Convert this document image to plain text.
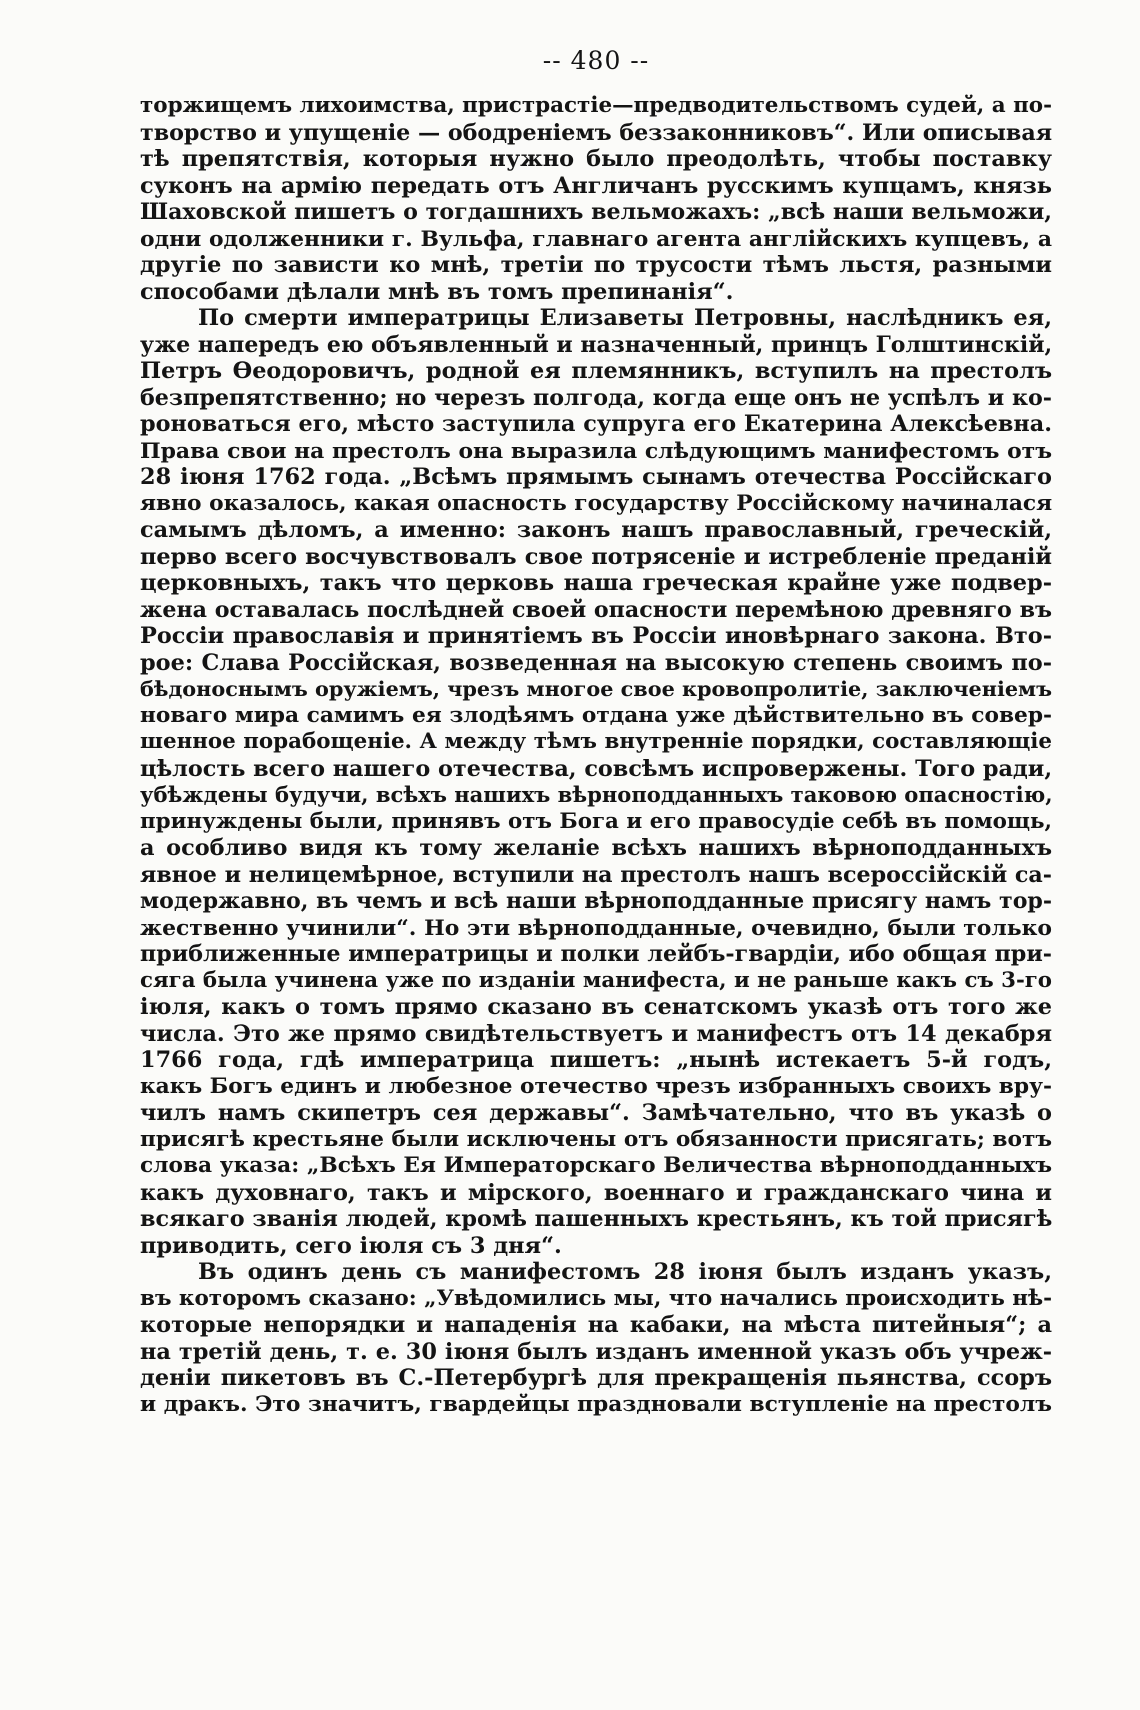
-- 480 --

торжищемъ лихоимства, пристрастіе—предводительствомъ судей, а по-
творство и упущеніе — ободреніемъ беззаконниковъ“. Или описывая
тѣ препятствія, которыя нужно было преодолѣть, чтобы поставку
суконъ на армію передать отъ Англичанъ русскимъ купцамъ, князь
Шаховской пишетъ о тогдашнихъ вельможахъ: „всѣ наши вельможи,
одни одолженники г. Вульфа, главнаго агента англійскихъ купцевъ, а
другіе по зависти ко мнѣ, третіи по трусости тѣмъ льстя, разными
способами дѣлали мнѣ въ томъ препинанія“.

По смерти императрицы Елизаветы Петровны, наслѣдникъ ея,
уже напередъ ею объявленный и назначенный, принцъ Голштинскій,
Петръ Ѳеодоровичъ, родной ея племянникъ, вступилъ на престолъ
безпрепятственно; но черезъ полгода, когда еще онъ не успѣлъ и ко-
роноваться его, мѣсто заступила супруга его Екатерина Алексѣевна.
Права свои на престолъ она выразила слѣдующимъ манифестомъ отъ
28 іюня 1762 года. „Всѣмъ прямымъ сынамъ отечества Россійскаго
явно оказалось, какая опасность государству Россійскому начиналася
самымъ дѣломъ, а именно: законъ нашъ православный, греческій,
перво всего восчувствовалъ свое потрясеніе и истребленіе преданій
церковныхъ, такъ что церковь наша греческая крайне уже подвер-
жена оставалась послѣдней своей опасности перемѣною древняго въ
Россіи православія и принятіемъ въ Россіи иновѣрнаго закона. Вто-
рое: Слава Россійская, возведенная на высокую степень своимъ по-
бѣдоноснымъ оружіемъ, чрезъ многое свое кровопролитіе, заключеніемъ
новаго мира самимъ ея злодѣямъ отдана уже дѣйствительно въ совер-
шенное порабощеніе. А между тѣмъ внутренніе порядки, составляющіе
цѣлость всего нашего отечества, совсѣмъ испровержены. Того ради,
убѣждены будучи, всѣхъ нашихъ вѣрноподданныхъ таковою опасностію,
принуждены были, принявъ отъ Бога и его правосудіе себѣ въ помощь,
а особливо видя къ тому желаніе всѣхъ нашихъ вѣрноподданныхъ
явное и нелицемѣрное, вступили на престолъ нашъ всероссійскій са-
модержавно, въ чемъ и всѣ наши вѣрноподданные присягу намъ тор-
жественно учинили“. Но эти вѣрноподданные, очевидно, были только
приближенные императрицы и полки лейбъ-гвардіи, ибо общая при-
сяга была учинена уже по изданіи манифеста, и не раньше какъ съ 3-го
іюля, какъ о томъ прямо сказано въ сенатскомъ указѣ отъ того же
числа. Это же прямо свидѣтельствуетъ и манифестъ отъ 14 декабря
1766 года, гдѣ императрица пишетъ: „нынѣ истекаетъ 5-й годъ,
какъ Богъ единъ и любезное отечество чрезъ избранныхъ своихъ вру-
чилъ намъ скипетръ сея державы“. Замѣчательно, что въ указѣ о
присягѣ крестьяне были исключены отъ обязанности присягать; вотъ
слова указа: „Всѣхъ Ея Императорскаго Величества вѣрноподданныхъ
какъ духовнаго, такъ и мірского, военнаго и гражданскаго чина и
всякаго званія людей, кромѣ пашенныхъ крестьянъ, къ той присягѣ
приводить, сего іюля съ 3 дня“.

Въ одинъ день съ манифестомъ 28 іюня былъ изданъ указъ,
въ которомъ сказано: „Увѣдомились мы, что начались происходить нѣ-
которые непорядки и нападенія на кабаки, на мѣста питейныя“; а
на третій день, т. е. 30 іюня былъ изданъ именной указъ объ учреж-
деніи пикетовъ въ С.-Петербургѣ для прекращенія пьянства, ссоръ
и дракъ. Это значитъ, гвардейцы праздновали вступленіе на престолъ
